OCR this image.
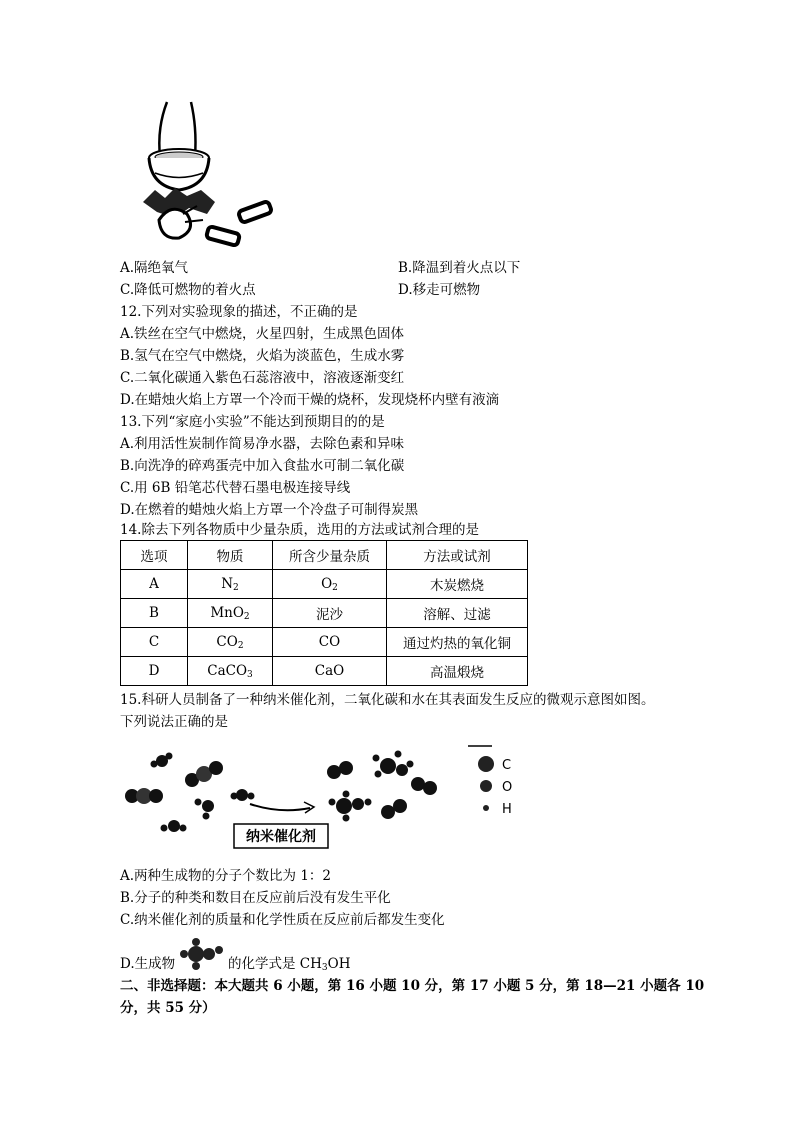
A.隔绝氧气	B.降温到着火点以下
C.降低可燃物的着火点	D.移走可燃物
12.下列对实验现象的描述，不正确的是
A.铁丝在空气中燃烧，火星四射，生成黑色固体
B.氢气在空气中燃烧，火焰为淡蓝色，生成水雾
C.二氧化碳通入紫色石蕊溶液中，溶液逐渐变红
D.在蜡烛火焰上方罩一个冷而干燥的烧杯，发现烧杯内壁有液滴
13.下列“家庭小实验”不能达到预期目的的是
A.利用活性炭制作简易净水器，去除色素和异味
B.向洗净的碎鸡蛋壳中加入食盐水可制二氧化碳
C.用 6B 铅笔芯代替石墨电极连接导线
D.在燃着的蜡烛火焰上方罩一个冷盘子可制得炭黑
14.除去下列各物质中少量杂质，选用的方法或试剂合理的是
选项	物质	所含少量杂质	方法或试剂
A	$N_2$	$O_2$	木炭燃烧
B	MnO$_2$	泥沙	溶解、过滤
C	$CO_2$	CO	通过灼热的氧化铜
D	CaCO$_3$	CaO	高温煅烧
15.科研人员制备了一种纳米催化剂，二氧化碳和水在其表面发生反应的微观示意图如图。
下列说法正确的是
纳米催化剂
C
O
H
A.两种生成物的分子个数比为 1：2
B.分子的种类和数目在反应前后没有发生平化
C.纳米催化剂的质量和化学性质在反应前后都发生变化
D.生成物	的化学式是 $CH_3OH$
二、非选择题：本大题共 6 小题，第 16 小题 10 分，第 17 小题 5 分，第 18—21 小题各 10
分，共 55 分）
